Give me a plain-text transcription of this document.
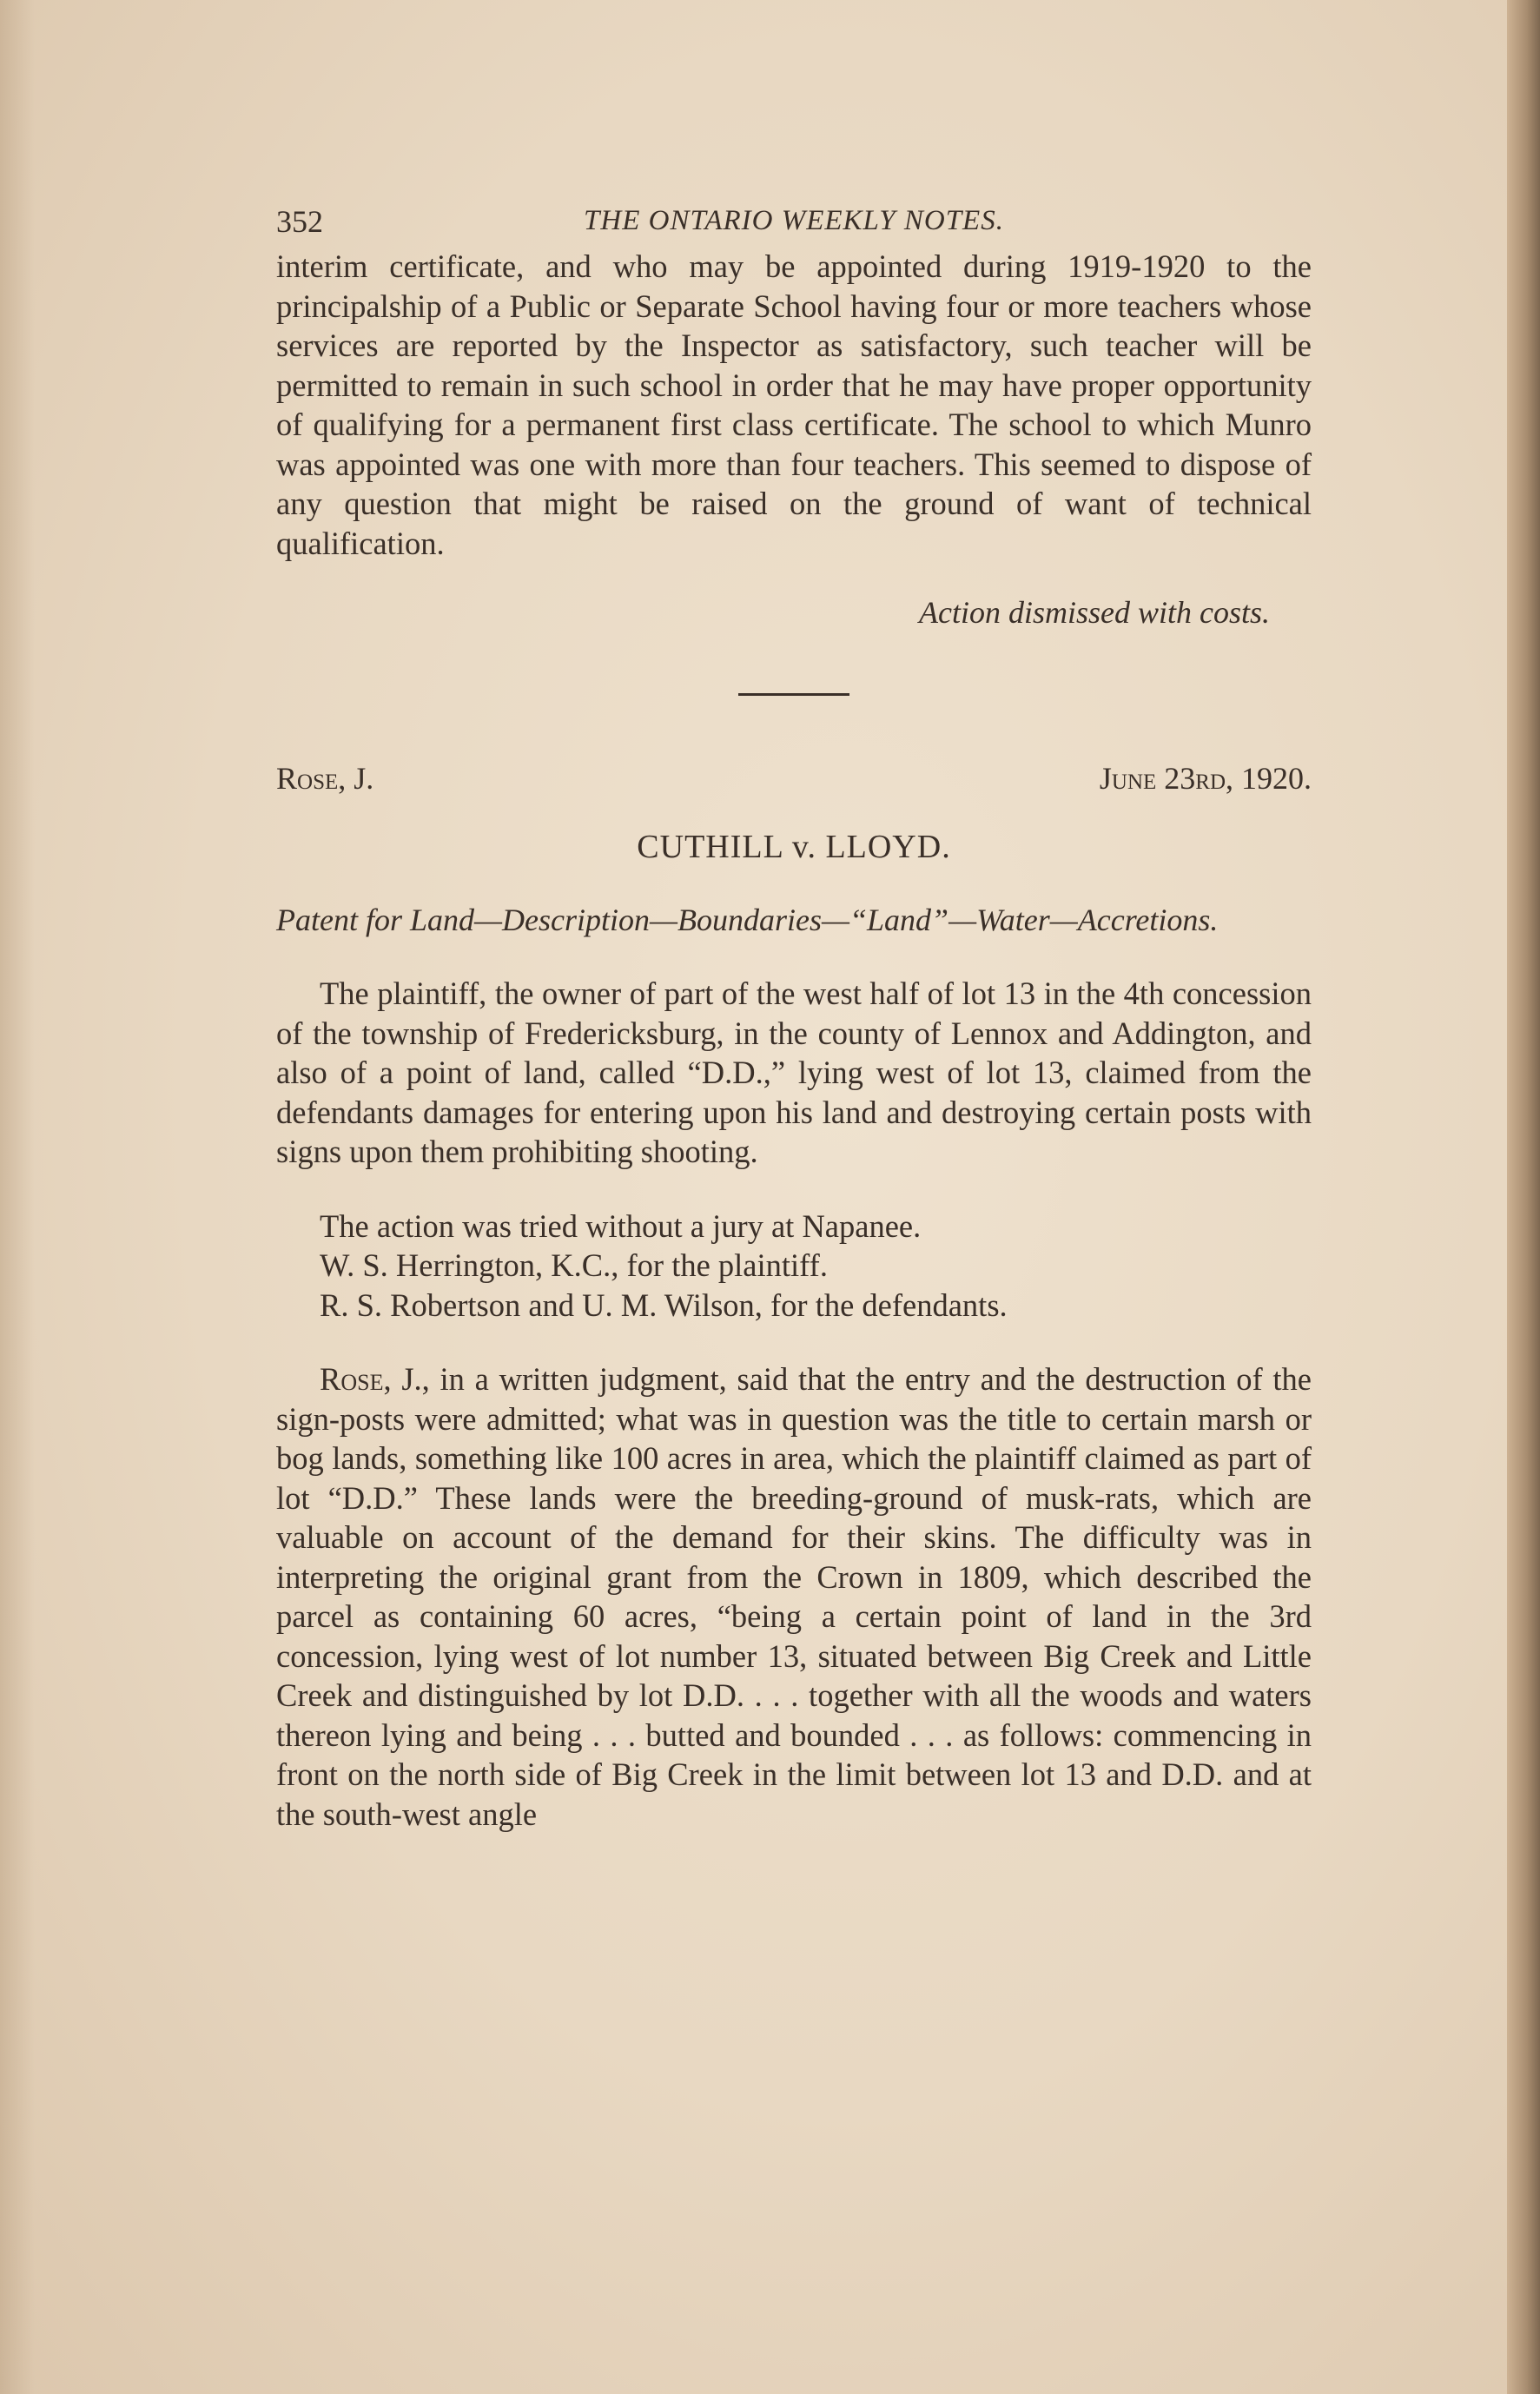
352	THE ONTARIO WEEKLY NOTES.

interim certificate, and who may be appointed during 1919-1920 to the principalship of a Public or Separate School having four or more teachers whose services are reported by the Inspector as satisfactory, such teacher will be permitted to remain in such school in order that he may have proper opportunity of qualifying for a permanent first class certificate. The school to which Munro was appointed was one with more than four teachers. This seemed to dispose of any question that might be raised on the ground of want of technical qualification.

Action dismissed with costs.
Rose, J.	June 23rd, 1920.
CUTHILL v. LLOYD.
Patent for Land—Description—Boundaries—“Land”—Water—Accretions.

The plaintiff, the owner of part of the west half of lot 13 in the 4th concession of the township of Fredericksburg, in the county of Lennox and Addington, and also of a point of land, called “D.D.,” lying west of lot 13, claimed from the defendants damages for entering upon his land and destroying certain posts with signs upon them prohibiting shooting.

The action was tried without a jury at Napanee.
W. S. Herrington, K.C., for the plaintiff.
R. S. Robertson and U. M. Wilson, for the defendants.

Rose, J., in a written judgment, said that the entry and the destruction of the sign-posts were admitted; what was in question was the title to certain marsh or bog lands, something like 100 acres in area, which the plaintiff claimed as part of lot “D.D.” These lands were the breeding-ground of musk-rats, which are valuable on account of the demand for their skins. The difficulty was in interpreting the original grant from the Crown in 1809, which described the parcel as containing 60 acres, “being a certain point of land in the 3rd concession, lying west of lot number 13, situated between Big Creek and Little Creek and distinguished by lot D.D. . . . together with all the woods and waters thereon lying and being . . . butted and bounded . . . as follows: commencing in front on the north side of Big Creek in the limit between lot 13 and D.D. and at the south-west angle
